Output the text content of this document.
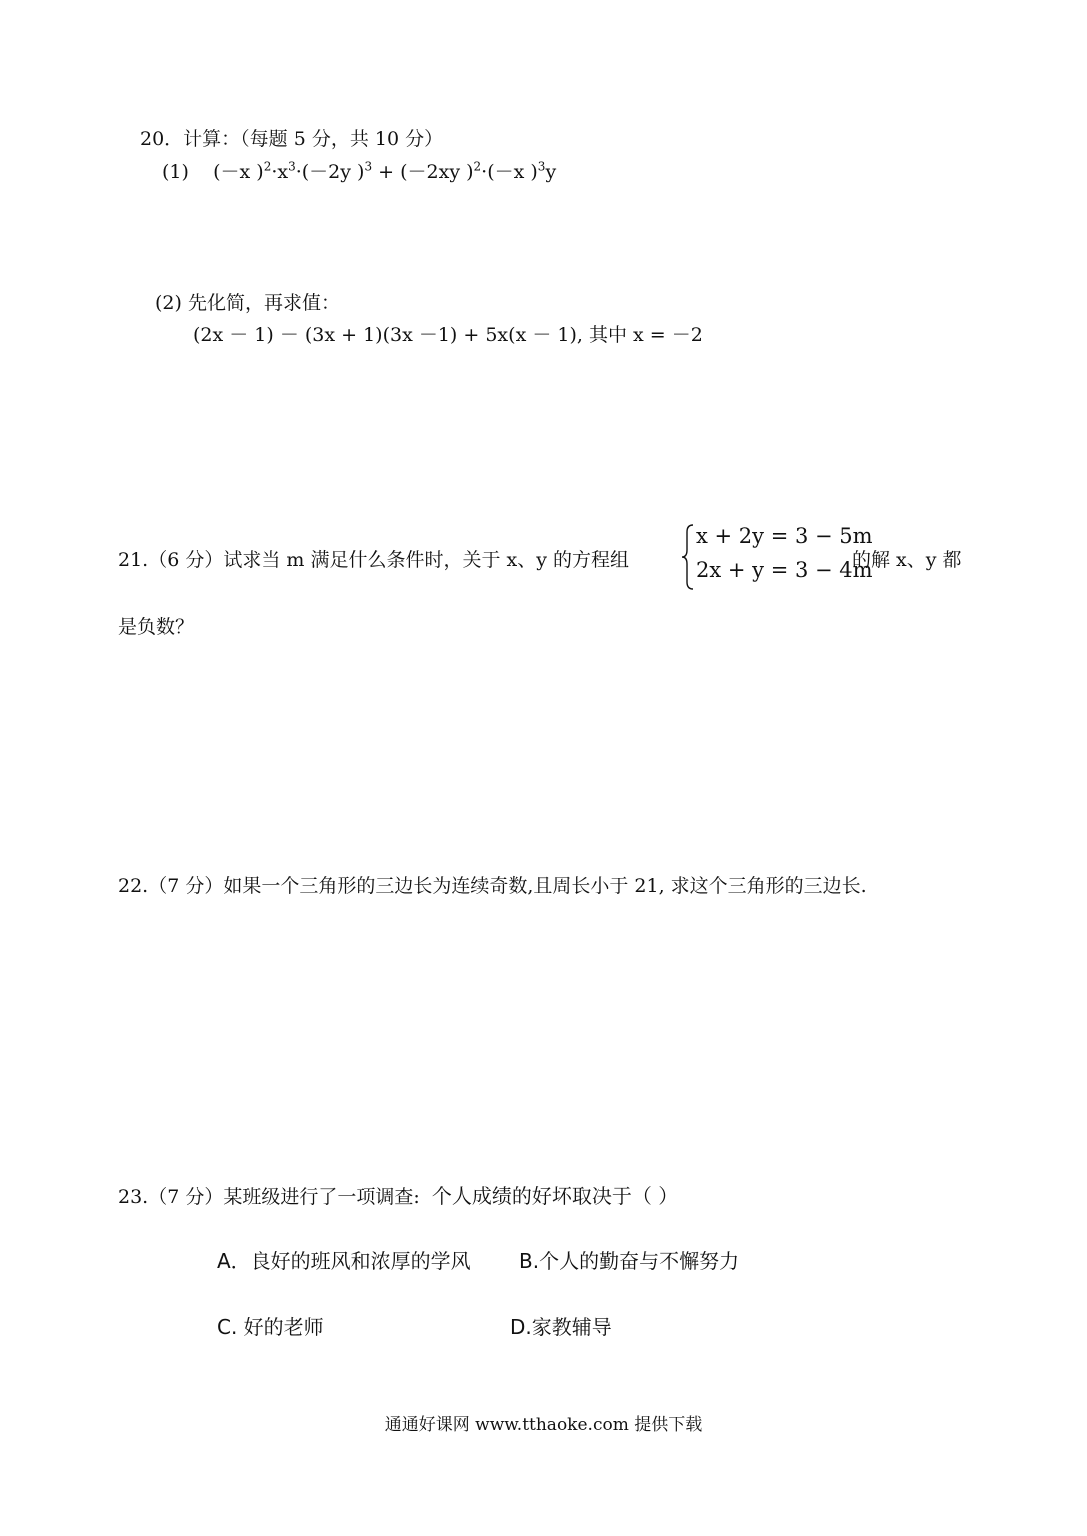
20．计算：（每题 5 分，共 10 分）
(1) (－x )$^2\cdot x^3\cdot(-2y$ )$^3$ + (－2xy )$^2$·(－x )$^3$y
(2) 先化简，再求值：
(2x － 1) － (3x + 1)(3x －1) + 5x(x － 1), 其中 x = －2
21.（6 分）试求当 m 满足什么条件时，关于 x、y 的方程组
x + 2y = 3 − 5m
2x + y = 3 − 4m
的解 x、y 都
是负数？
22.（7 分）如果一个三角形的三边长为连续奇数,且周长小于 21, 求这个三角形的三边长.
23.（7 分）某班级进行了一项调查: 个人成绩的好坏取决于（ ）
A．良好的班风和浓厚的学风 B.个人的勤奋与不懈努力
C. 好的老师	D.家教辅导
通通好课网 www.tthaoke.com 提供下载
